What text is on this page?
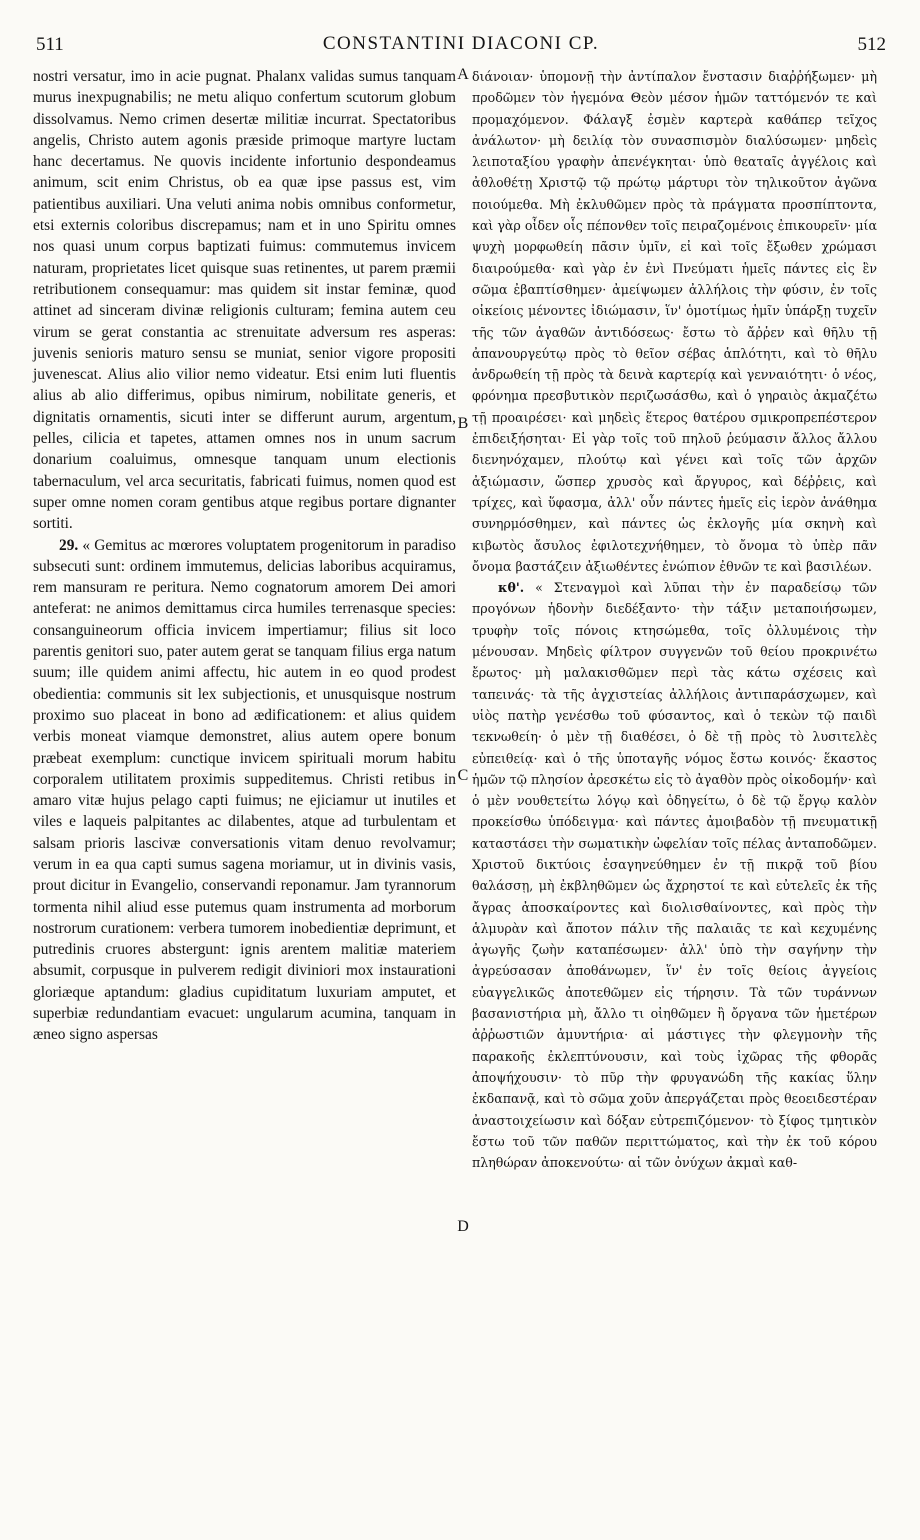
511	CONSTANTINI DIACONI CP.	512

nostri versatur, imo in acie pugnat. Phalanx validas sumus tanquam murus inexpugnabilis; ne metu aliquo confertum scutorum globum dissolvamus. Nemo crimen desertæ militiæ incurrat. Spectatoribus angelis, Christo autem agonis præside primoque martyre luctam hanc decertamus. Ne quovis incidente infortunio despondeamus animum, scit enim Christus, ob ea quæ ipse passus est, vim patientibus auxiliari. Una veluti anima nobis omnibus conformetur, etsi externis coloribus discrepamus; nam et in uno Spiritu omnes nos quasi unum corpus baptizati fuimus: commutemus invicem naturam, proprietates licet quisque suas retinentes, ut parem præmii retributionem consequamur: mas quidem sit instar feminæ, quod attinet ad sinceram divinæ religionis culturam; femina autem ceu virum se gerat constantia ac strenuitate adversum res asperas: juvenis senioris maturo sensu se muniat, senior vigore propositi juvenescat. Alius alio vilior nemo videatur. Etsi enim luti fluentis alius ab alio differimus, opibus nimirum, nobilitate generis, et dignitatis ornamentis, sicuti inter se differunt aurum, argentum, pelles, cilicia et tapetes, attamen omnes nos in unum sacrum donarium coaluimus, omnesque tanquam unum electionis tabernaculum, vel arca securitatis, fabricati fuimus, nomen quod est super omne nomen coram gentibus atque regibus portare dignanter sortiti.

29. « Gemitus ac mœrores voluptatem progenitorum in paradiso subsecuti sunt: ordinem immutemus, delicias laboribus acquiramus, rem mansuram re peritura. Nemo cognatorum amorem Dei amori anteferat: ne animos demittamus circa humiles terrenasque species: consanguineorum officia invicem impertiamur; filius sit loco parentis genitori suo, pater autem gerat se tanquam filius erga natum suum; ille quidem animi affectu, hic autem in eo quod prodest obedientia: communis sit lex subjectionis, et unusquisque nostrum proximo suo placeat in bono ad ædificationem: et alius quidem verbis moneat viamque demonstret, alius autem opere bonum præbeat exemplum: cunctique invicem spirituali morum habitu corporalem utilitatem proximis suppeditemus. Christi retibus in amaro vitæ hujus pelago capti fuimus; ne ejiciamur ut inutiles et viles e laqueis palpitantes ac dilabentes, atque ad turbulentam et salsam prioris lascivæ conversationis vitam denuo revolvamur; verum in ea qua capti sumus sagena moriamur, ut in divinis vasis, prout dicitur in Evangelio, conservandi reponamur. Jam tyrannorum tormenta nihil aliud esse putemus quam instrumenta ad morborum nostrorum curationem: verbera tumorem inobedientiæ deprimunt, et putredinis cruores abstergunt: ignis arentem malitiæ materiem absumit, corpusque in pulverem redigit diviniori mox instaurationi gloriæque aptandum: gladius cupiditatum luxuriam amputet, et superbiæ redundantiam evacuet: ungularum acumina, tanquam in æneo signo aspersas

A
B
C
D

διάνοιαν· ὑπομονῇ τὴν ἀντίπαλον ἔνστασιν διαῤῥήξωμεν· μὴ προδῶμεν τὸν ἡγεμόνα Θεὸν μέσον ἡμῶν ταττόμενόν τε καὶ προμαχόμενον. Φάλαγξ ἐσμὲν καρτερὰ καθάπερ τεῖχος ἀνάλωτον· μὴ δειλίᾳ τὸν συνασπισμὸν διαλύσωμεν· μηδεὶς λειποταξίου γραφὴν ἀπενέγκηται· ὑπὸ θεαταῖς ἀγγέλοις καὶ ἀθλοθέτῃ Χριστῷ τῷ πρώτῳ μάρτυρι τὸν τηλικοῦτον ἀγῶνα ποιούμεθα. Μὴ ἐκλυθῶμεν πρὸς τὰ πράγματα προσπίπτοντα, καὶ γὰρ οἶδεν οἷς πέπονθεν τοῖς πειραζομένοις ἐπικουρεῖν· μία ψυχὴ μορφωθείη πᾶσιν ὑμῖν, εἰ καὶ τοῖς ἔξωθεν χρώμασι διαιρούμεθα· καὶ γὰρ ἐν ἑνὶ Πνεύματι ἡμεῖς πάντες εἰς ἓν σῶμα ἐβαπτίσθημεν· ἀμείψωμεν ἀλλήλοις τὴν φύσιν, ἐν τοῖς οἰκείοις μένοντες ἰδιώμασιν, ἵν' ὁμοτίμως ἡμῖν ὑπάρξῃ τυχεῖν τῆς τῶν ἀγαθῶν ἀντιδόσεως· ἔστω τὸ ἄῤῥεν καὶ θῆλυ τῇ ἀπανουργεύτῳ πρὸς τὸ θεῖον σέβας ἁπλότητι, καὶ τὸ θῆλυ ἀνδρωθείη τῇ πρὸς τὰ δεινὰ καρτερίᾳ καὶ γενναιότητι· ὁ νέος, φρόνημα πρεσβυτικὸν περιζωσάσθω, καὶ ὁ γηραιὸς ἀκμαζέτω τῇ προαιρέσει· καὶ μηδεὶς ἕτερος θατέρου σμικροπρεπέστερον ἐπιδειξήσηται· Εἰ γὰρ τοῖς τοῦ πηλοῦ ῥεύμασιν ἄλλος ἄλλου διενηνόχαμεν, πλούτῳ καὶ γένει καὶ τοῖς τῶν ἀρχῶν ἀξιώμασιν, ὥσπερ χρυσὸς καὶ ἄργυρος, καὶ δέῤῥεις, καὶ τρίχες, καὶ ὕφασμα, ἀλλ' οὖν πάντες ἡμεῖς εἰς ἱερὸν ἀνάθημα συνηρμόσθημεν, καὶ πάντες ὡς ἐκλογῆς μία σκηνὴ καὶ κιβωτὸς ἄσυλος ἐφιλοτεχνήθημεν, τὸ ὄνομα τὸ ὑπὲρ πᾶν ὄνομα βαστάζειν ἀξιωθέντες ἐνώπιον ἐθνῶν τε καὶ βασιλέων.

κθ'. « Στεναγμοὶ καὶ λῦπαι τὴν ἐν παραδείσῳ τῶν προγόνων ἡδονὴν διεδέξαντο· τὴν τάξιν μεταποιήσωμεν, τρυφὴν τοῖς πόνοις κτησώμεθα, τοῖς ὀλλυμένοις τὴν μένουσαν. Μηδεὶς φίλτρον συγγενῶν τοῦ θείου προκρινέτω ἔρωτος· μὴ μαλακισθῶμεν περὶ τὰς κάτω σχέσεις καὶ ταπεινάς· τὰ τῆς ἀγχιστείας ἀλλήλοις ἀντιπαράσχωμεν, καὶ υἱὸς πατὴρ γενέσθω τοῦ φύσαντος, καὶ ὁ τεκὼν τῷ παιδὶ τεκνωθείη· ὁ μὲν τῇ διαθέσει, ὁ δὲ τῇ πρὸς τὸ λυσιτελὲς εὐπειθείᾳ· καὶ ὁ τῆς ὑποταγῆς νόμος ἔστω κοινός· ἕκαστος ἡμῶν τῷ πλησίον ἀρεσκέτω εἰς τὸ ἀγαθὸν πρὸς οἰκοδομήν· καὶ ὁ μὲν νουθετείτω λόγῳ καὶ ὁδηγείτω, ὁ δὲ τῷ ἔργῳ καλὸν προκείσθω ὑπόδειγμα· καὶ πάντες ἀμοιβαδὸν τῇ πνευματικῇ καταστάσει τὴν σωματικὴν ὠφελίαν τοῖς πέλας ἀνταποδῶμεν. Χριστοῦ δικτύοις ἐσαγηνεύθημεν ἐν τῇ πικρᾷ τοῦ βίου θαλάσσῃ, μὴ ἐκβληθῶμεν ὡς ἄχρηστοί τε καὶ εὐτελεῖς ἐκ τῆς ἄγρας ἀποσκαίροντες καὶ διολισθαίνοντες, καὶ πρὸς τὴν ἁλμυρὰν καὶ ἄποτον πάλιν τῆς παλαιᾶς τε καὶ κεχυμένης ἀγωγῆς ζωὴν καταπέσωμεν· ἀλλ' ὑπὸ τὴν σαγήνην τὴν ἀγρεύσασαν ἀποθάνωμεν, ἵν' ἐν τοῖς θείοις ἀγγείοις εὐαγγελικῶς ἀποτεθῶμεν εἰς τήρησιν. Τὰ τῶν τυράννων βασανιστήρια μὴ, ἄλλο τι οἰηθῶμεν ἢ ὄργανα τῶν ἡμετέρων ἀῤῥωστιῶν ἀμυντήρια· αἱ μάστιγες τὴν φλεγμονὴν τῆς παρακοῆς ἐκλεπτύνουσιν, καὶ τοὺς ἰχῶρας τῆς φθορᾶς ἀποψήχουσιν· τὸ πῦρ τὴν φρυγανώδη τῆς κακίας ὕλην ἐκδαπανᾷ, καὶ τὸ σῶμα χοῦν ἀπεργάζεται πρὸς θεοειδεστέραν ἀναστοιχείωσιν καὶ δόξαν εὐτρεπιζόμενον· τὸ ξίφος τμητικὸν ἔστω τοῦ τῶν παθῶν περιττώματος, καὶ τὴν ἐκ τοῦ κόρου πληθώραν ἀποκενούτω· αἱ τῶν ὀνύχων ἀκμαὶ καθ-
